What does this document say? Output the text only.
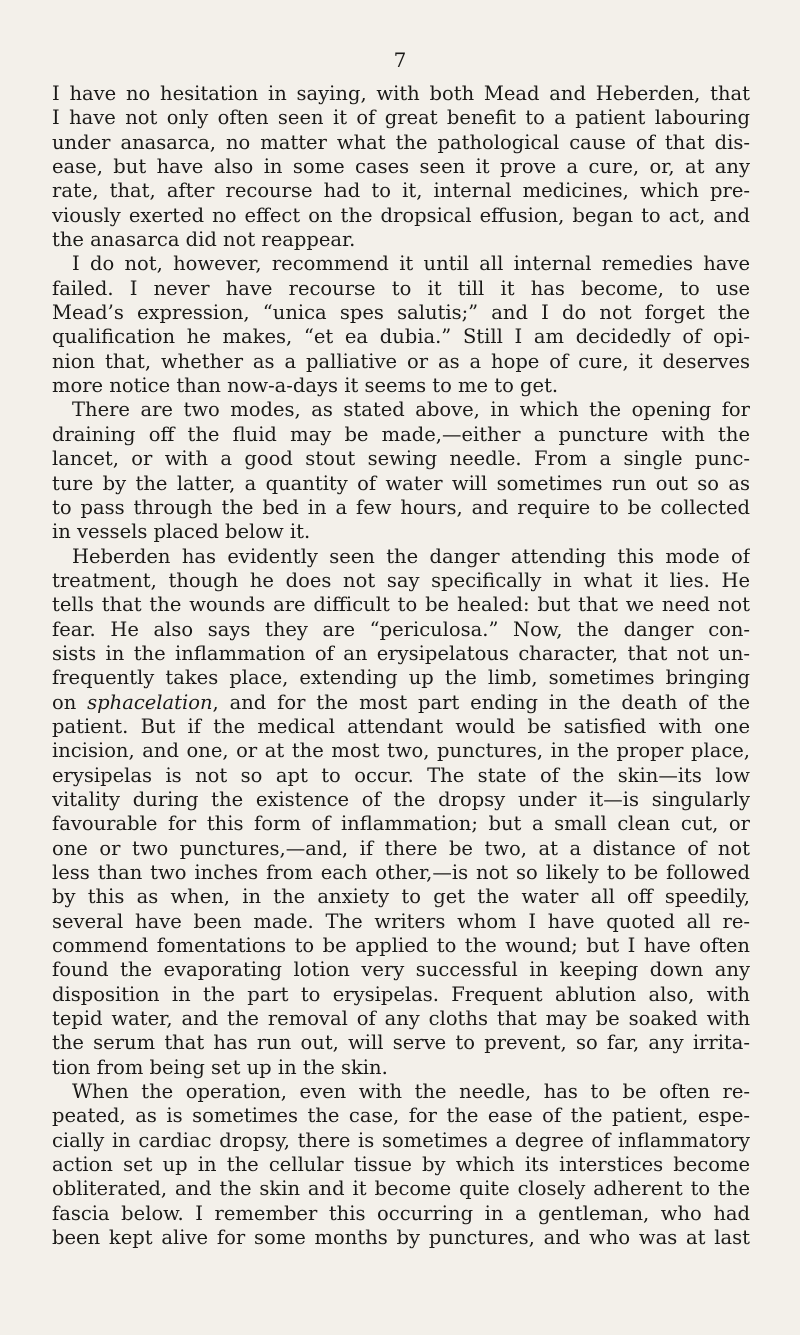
7
I have no hesitation in saying, with both Mead and Heberden, that
I have not only often seen it of great benefit to a patient labouring
under anasarca, no matter what the pathological cause of that dis-
ease, but have also in some cases seen it prove a cure, or, at any
rate, that, after recourse had to it, internal medicines, which pre-
viously exerted no effect on the dropsical effusion, began to act, and
the anasarca did not reappear.
I do not, however, recommend it until all internal remedies have
failed. I never have recourse to it till it has become, to use
Mead’s expression, “unica spes salutis;” and I do not forget the
qualification he makes, “et ea dubia.” Still I am decidedly of opi-
nion that, whether as a palliative or as a hope of cure, it deserves
more notice than now-a-days it seems to me to get.
There are two modes, as stated above, in which the opening for
draining off the fluid may be made,—either a puncture with the
lancet, or with a good stout sewing needle. From a single punc-
ture by the latter, a quantity of water will sometimes run out so as
to pass through the bed in a few hours, and require to be collected
in vessels placed below it.
Heberden has evidently seen the danger attending this mode of
treatment, though he does not say specifically in what it lies. He
tells that the wounds are difficult to be healed: but that we need not
fear. He also says they are “periculosa.” Now, the danger con-
sists in the inflammation of an erysipelatous character, that not un-
frequently takes place, extending up the limb, sometimes bringing
on sphacelation, and for the most part ending in the death of the
patient. But if the medical attendant would be satisfied with one
incision, and one, or at the most two, punctures, in the proper place,
erysipelas is not so apt to occur. The state of the skin—its low
vitality during the existence of the dropsy under it—is singularly
favourable for this form of inflammation; but a small clean cut, or
one or two punctures,—and, if there be two, at a distance of not
less than two inches from each other,—is not so likely to be followed
by this as when, in the anxiety to get the water all off speedily,
several have been made. The writers whom I have quoted all re-
commend fomentations to be applied to the wound; but I have often
found the evaporating lotion very successful in keeping down any
disposition in the part to erysipelas. Frequent ablution also, with
tepid water, and the removal of any cloths that may be soaked with
the serum that has run out, will serve to prevent, so far, any irrita-
tion from being set up in the skin.
When the operation, even with the needle, has to be often re-
peated, as is sometimes the case, for the ease of the patient, espe-
cially in cardiac dropsy, there is sometimes a degree of inflammatory
action set up in the cellular tissue by which its interstices become
obliterated, and the skin and it become quite closely adherent to the
fascia below. I remember this occurring in a gentleman, who had
been kept alive for some months by punctures, and who was at last
